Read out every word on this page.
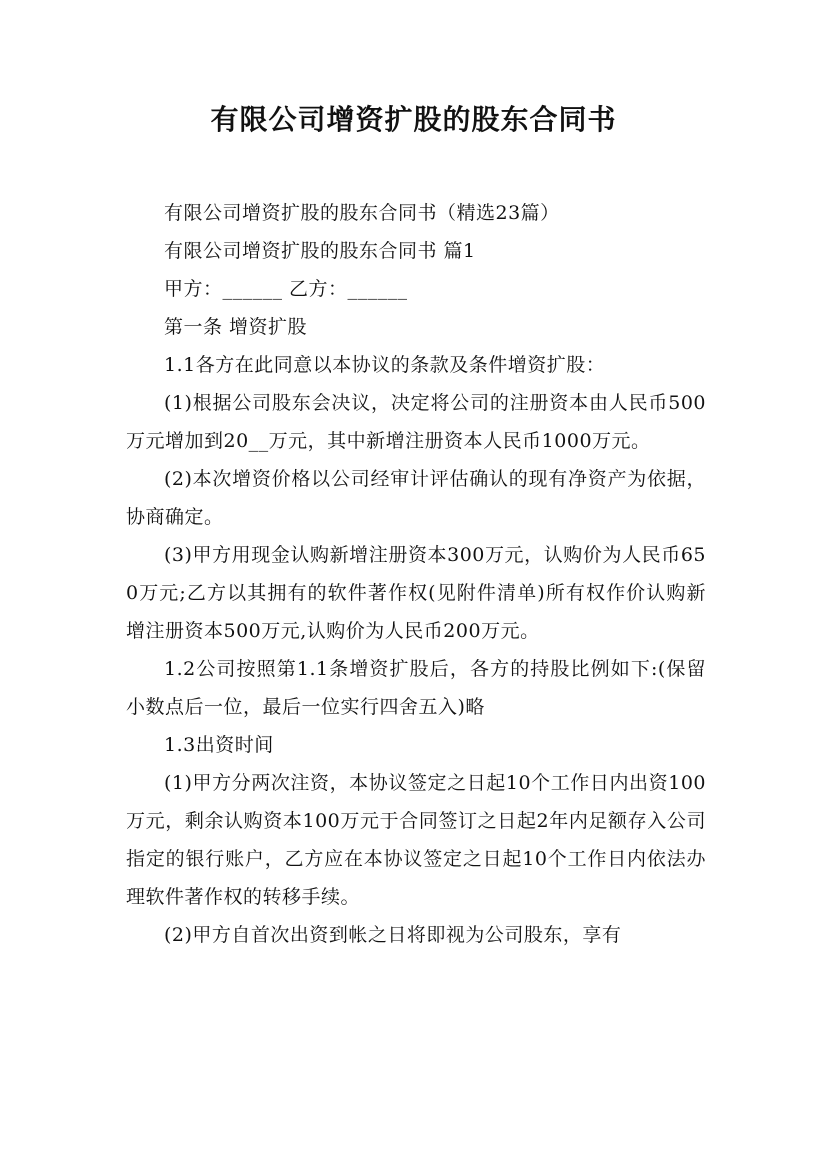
有限公司增资扩股的股东合同书

有限公司增资扩股的股东合同书（精选23篇）

有限公司增资扩股的股东合同书 篇1

甲方：______ 乙方：______

第一条 增资扩股

1.1各方在此同意以本协议的条款及条件增资扩股：

(1)根据公司股东会决议，决定将公司的注册资本由人民币500万元增加到20__万元，其中新增注册资本人民币1000万元。

(2)本次增资价格以公司经审计评估确认的现有净资产为依据，协商确定。

(3)甲方用现金认购新增注册资本300万元，认购价为人民币650万元;乙方以其拥有的软件著作权(见附件清单)所有权作价认购新增注册资本500万元,认购价为人民币200万元。

1.2公司按照第1.1条增资扩股后，各方的持股比例如下:(保留小数点后一位，最后一位实行四舍五入)略

1.3出资时间

(1)甲方分两次注资，本协议签定之日起10个工作日内出资100万元，剩余认购资本100万元于合同签订之日起2年内足额存入公司指定的银行账户，乙方应在本协议签定之日起10个工作日内依法办理软件著作权的转移手续。

(2)甲方自首次出资到帐之日将即视为公司股东，享有
